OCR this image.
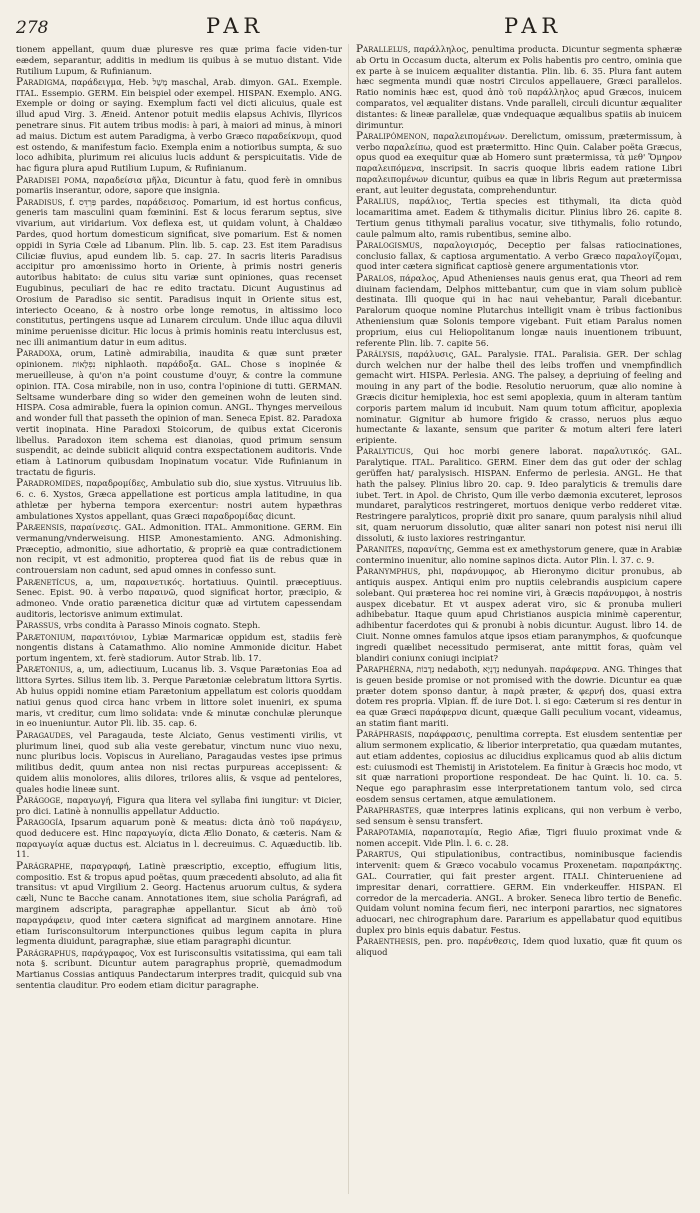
278	PAR	PAR

tionem appellant, quum duæ pluresve res quæ prima facie viden-tur eædem, separantur, additis in medium iis quibus à se mutuo distant. Vide Rutilium Lupum, & Rufinianum.

Paradigma, παράδειγμα, Heb. מָשָׁל maschal, Arab. dimyon. GAL. Exemple. ITAL. Essempio. GERM. Ein beispiel oder exempel. HISPAN. Exemplo. ANG. Exemple or doing or saying. Exemplum facti vel dicti alicuius, quale est illud apud Virg. 3. Æneid. Antenor potuit mediis elapsus Achivis, Illyricos penetrare sinus. Fit autem tribus modis: à pari, à maiori ad minus, à minori ad maius. Dictum est autem Paradigma, à verbo Græco παραδείκνυμι, quod est ostendo, & manifestum facio. Exempla enim a notioribus sumpta, & suo loco adhibita, plurimum rei alicuius lucis addunt & perspicuitatis. Vide de hac figura plura apud Rutilium Lupum, & Rufinianum.

Paradisei poma, παραδείσια μῆλα, Dicuntur à fatu, quod ferè in omnibus pomariis inserantur, odore, sapore que insignia.

Paradisus, f. פַּרְדֵּס pardes, παράδεισος. Pomarium, id est hortus conficus, generis tam masculini quam fœminini. Est & locus ferarum septus, sive vivarium, aut viridarium. Vox deflexa est, ut quidam volunt, à Chaldæo Pardes, quod hortum domesticum significat, sive pomarium. Est & nomen oppidi in Syria Cœle ad Libanum. Plin. lib. 5. cap. 23. Est item Paradisus Ciliciæ fluvius, apud eundem lib. 5. cap. 27. In sacris literis Paradisus accipitur pro amœnissimo horto in Oriente, à primis nostri generis autoribus habitato: de cuius situ variæ sunt opiniones, quas recenset Eugubinus, peculiari de hac re edito tractatu. Dicunt Augustinus ad Orosium de Paradiso sic sentit. Paradisus inquit in Oriente situs est, interiecto Oceano, & à nostro orbe longe remotus, in altissimo loco constitutus, pertingens usque ad Lunarem circulum. Unde illuc aqua diluvii minime peruenisse dicitur. Hic locus à primis hominis reatu interclusus est, nec illi animantium datur in eum aditus.

Paradoxa, orum, Latinè admirabilia, inaudita & quæ sunt præter opinionem. נִפְלָאוֹת niphlaoth. παράδοξα. GAL. Chose s inopinée & merueilleuse, à qu'on n'a point coustume d'ouyr, & contre la commune opinion. ITA. Cosa mirabile, non in uso, contra l'opinione di tutti. GERMAN. Seltsame wunderbare ding so wider den gemeinen wohn de leuten sind. HISPA. Cosa admirable, fuera la opinion comun. ANGL. Thynges merveilous and wonder full that passeth the opinion of man. Seneca Epist. 82. Paradoxa vertit inopinata. Hine Paradoxi Stoicorum, de quibus extat Ciceronis libellus. Paradoxon item schema est dianoias, quod primum sensum suspendit, ac deinde subiicit aliquid contra exspectationem auditoris. Vnde etiam à Latinorum quibusdam Inopinatum vocatur. Vide Rufinianum in tractatu de figuris.

Paradromides, παραδρομίδες, Ambulatio sub dio, siue xystus. Vitruuius lib. 6. c. 6. Xystos, Græca appellatione est porticus ampla latitudine, in qua athletæ per hyberna tempora exercentur: nostri autem hypæthras ambulationes Xystos appellant, quas Græci παραδρομίδας dicunt.

Paræensis, παραίνεσις. GAL. Admonition. ITAL. Ammonitione. GERM. Ein vermanung/vnderweisung. HISP. Amonestamiento. ANG. Admonishing. Præceptio, admonitio, siue adhortatio, & propriè ea quæ contradictionem non recipit, vt est admonitio, propterea quod fiat iis de rebus quæ in controuersiam non cadunt, sed apud omnes in confesso sunt.

Parænetícus, a, um, παραινετικός. hortatiuus. Quintil. præceptiuus. Senec. Epist. 90. à verbo παραινῶ, quod significat hortor, præcipio, & admoneo. Vnde oratio parænetica dicitur quæ ad virtutem capessendam auditoris, lectorisve animum extimulat.

Parassus, vrbs condita à Parasso Minois cognato. Steph.

Parætonium, παραιτόνιον, Lybiæ Marmaricæ oppidum est, stadiis ferè nongentis distans à Catamathmo. Alio nomine Ammonide dicitur. Habet portum ingentem, xt. ferè stadiorum. Autor Strab. lib. 17.

Parætonius, a, um, adiectiuum, Lucanus lib. 3. Vsque Parætonias Eoa ad littora Syrtes. Silius item lib. 3. Perque Parætoniæ celebratum littora Syrtis. Ab huius oppidi nomine etiam Parætonium appellatum est coloris quoddam natiui genus quod circa hanc vrbem in littore solet inueniri, ex spuma maris, vt creditur, cum limo solidata: vnde & minutæ conchulæ plerunque in eo inueniuntur. Autor Pli. lib. 35. cap. 6.

Paragaudes, vel Paragauda, teste Alciato, Genus vestimenti virilis, vt plurimum linei, quod sub alia veste gerebatur, vinctum nunc viuo nexu, nunc pluribus locis. Vopiscus in Aureliano, Paragaudas vestes ipse primus militibus dedit, quum antea non nisi rectas purpureas accepissent: & quidem aliis monolores, aliis dilores, trilores aliis, & vsque ad pentelores, quales hodie lineæ sunt.

Parágoge, παραγωγή, Figura qua litera vel syllaba fini iungitur: vt Dicier, pro dici. Latinè à nonnullis appellatur Adductio.

Paragogía, Ipsarum aquarum ponè & meatus: dicta ἀπὸ τοῦ παράγειν, quod deducere est. Hinc παραγωγία, dicta Ælio Donato, & cæteris. Nam & παραγωγία aquæ ductus est. Alciatus in l. decreuimus. C. Aquæductib. lib. 11.

Parágraphe, παραγραφή, Latinè præscriptio, exceptio, effugium litis, compositio. Est & tropus apud poëtas, quum præcedenti absoluto, ad alia fit transitus: vt apud Virgilium 2. Georg. Hactenus aruorum cultus, & sydera cæli, Nunc te Bacche canam. Annotationes item, siue scholia Parágrafi, ad marginem adscripta, paragraphæ appellantur. Sicut ab ἀπὸ τοῦ παραγράφειν, quod inter cætera significat ad marginem annotare. Hine etiam Iurisconsultorum interpunctiones quibus legum capita in plura legmenta diuidunt, paragraphæ, siue etiam paragraphi dicuntur.

Parágraphus, παράγραφος, Vox est Iurisconsultis vsitatissima, qui eam tali nota §. scribunt. Dicuntur autem paragraphus propriè, quemadmodum Martianus Cossias antiquus Pandectarum interpres tradit, quicquid sub vna sententia clauditur. Pro eodem etiam dicitur paragraphe.

Parallelus, παράλληλος, penultima producta. Dicuntur segmenta sphæræ ab Ortu in Occasum ducta, alterum ex Polis habentis pro centro, ominia que ex parte à se inuicem æqualiter distantia. Plin. lib. 6. 35. Plura fant autem hæc segmenta mundi quæ nostri Circulos appellauere, Græci parallelos. Ratio nominis hæc est, quod ἀπὸ τοῦ παράλληλος apud Græcos, inuicem comparatos, vel æqualiter distans. Vnde paralleli, circuli dicuntur æqualiter distantes: & lineæ parallelæ, quæ vndequaque æqualibus spatiis ab inuicem dirimuntur.

Paralipómenon, παραλειπομένων. Derelictum, omissum, prætermissum, à verbo παραλείπω, quod est prætermitto. Hinc Quin. Calaber poëta Græcus, opus quod ea exequitur quæ ab Homero sunt prætermissa, τὰ μεθ' Ὅμηρον παραλειπόμενα, inscripsit. In sacris quoque libris eadem ratione Libri παραλειπομένων dicuntur, quibus ea quæ in libris Regum aut prætermissa erant, aut leuiter degustata, comprehenduntur.

Paralius, παράλιος, Tertia species est tithymali, ita dicta quòd locamaritima amet. Eadem & tithymalis dicitur. Plinius libro 26. capite 8. Tertium genus tithymali paralius vocatur, sive tithymalis, folio rotundo, caule palmum alto, ramis rubentibus, semine albo.

Paralogismus, παραλογισμός, Deceptio per falsas ratiocinationes, conclusio fallax, & captiosa argumentatio. A verbo Græco παραλογίζομαι, quod inter cætera significat captiosè genere argumentationis vtor.

Paralos, πάραλος, Apud Athenienses nauis genus erat, qua Theori ad rem diuinam faciendam, Delphos mittebantur, cum que in viam solum publicè destinata. Illi quoque qui in hac naui vehebantur, Parali dicebantur. Paralorum quoque nomine Plutarchus intelligit vnam è tribus factionibus Atheniensium quæ Solonis tempore vigebant. Fuit etiam Paralus nomen proprium, eius cui Heliopolitanum longæ nauis inuentionem tribuunt, referente Plin. lib. 7. capite 56.

Parálysis, παράλυσις, GAL. Paralysie. ITAL. Paralisia. GER. Der schlag durch welchen nur der halbe theil des leibs troffen und vnempfindlich gemacht wirt. HISPA. Perlesia. ANG. The palsey, a depriuing of feeling and mouing in any part of the bodie. Resolutio neruorum, quæ alio nomine à Græcis dicitur hemiplexia, hoc est semi apoplexia, quum in alteram tantùm corporis partem malum id incubuit. Nam quum totum afficitur, apoplexia nominatur. Gignitur ab humore frigido & crasso, neruos plus æquo humectante & laxante, sensum que pariter & motum alteri fere lateri eripiente.

Paralyticus, Qui hoc morbi genere laborat. παραλυτικός. GAL. Paralytique. ITAL. Paralitico. GERM. Einer dem das gut oder der schlag gerüffen hat/ paralysisch. HISPAN. Enfermo de perlesia. ANGL. He that hath the palsey. Plinius libro 20. cap. 9. Ideo paralyticis & tremulis dare iubet. Tert. in Apol. de Christo, Qum ille verbo dæmonia excuteret, leprosos mundaret, paralyticos restringeret, mortuos denique verbo redderet vitæ. Restringere paralyticos, propriè dixit pro sanare, quum paralysis nihil aliud sit, quam neruorum dissolutio, quæ aliter sanari non potest nisi nerui illi dissoluti, & iusto laxiores restringantur.

Paranites, παρανίτης, Gemma est ex amethystorum genere, quæ in Arabiæ contermino inuenitur, alio nomine sapinos dicta. Autor Plin. l. 37. c. 9.

Paranymphus, phi, παράνυμφος, ab Hieronymo dicitur pronubus, ab antiquis auspex. Antiqui enim pro nuptiis celebrandis auspicium capere solebant. Qui præterea hoc rei nomine viri, à Græcis παράνυμφοι, à nostris auspex dicebatur. Et vt auspex aderat viro, sic & pronuba mulieri adhibebatur. Itaque quum apud Christianos auspicia minimè caperentur, adhibentur facerdotes qui & pronubi à nobis dicuntur. August. libro 14. de Ciuit. Nonne omnes famulos atque ipsos etiam paranymphos, & quofcunque ingredi quælibet necessitudo permiserat, ante mittit foras, quàm vel blandiri coniunx coniugi incipiat?

Paraphérna, נְדָבוֹת nedaboth, נְדֻנְיָא nedunyah. παράφερνα. ANG. Thinges that is geuen beside promise or not promised with the dowrie. Dicuntur ea quæ præter dotem sponso dantur, à παρὰ præter, & φερνή dos, quasi extra dotem res propria. Vlpian. ff. de iure Dot. l. si ego: Cæterum si res dentur in ea quæ Græci παράφερνα dicunt, quæque Galli peculium vocant, videamus, an statim fiant mariti.

Paráphrasis, παράφρασις, penultima correpta. Est eiusdem sententiæ per alium sermonem explicatio, & liberior interpretatio, qua quædam mutantes, aut etiam addentes, copiosius ac dilucidius explicamus quod ab aliis dictum est: cuiusmodi est Themistij in Aristotelem. Ea finitur à Græcis hoc modo, vt sit quæ narrationi proportione respondeat. De hac Quint. li. 10. ca. 5. Neque ego paraphrasim esse interpretationem tantum volo, sed circa eosdem sensus certamen, atque æmulationem.

Paraphrastes, quæ interpres latinis explicans, qui non verbum è verbo, sed sensum è sensu transfert.

Parapotamia, παραποταμία, Regio Afiæ, Tigri fluuio proximat vnde & nomen accepit. Vide Plin. l. 6. c. 28.

Parartus, Qui stipulationibus, contractibus, nominibusque faciendis intervenit: quem & Græco vocabulo vocamus Proxenetam. παραπράκτης. GAL. Courratier, qui fait prester argent. ITALI. Chinterueniene ad impresitar denari, corrattiere. GERM. Ein vnderkeuffer. HISPAN. El corredor de la mercaderia. ANGL. A broker. Seneca libro tertio de Benefic. Quidam volunt nomina fecum fieri, nec interponi parartios, nec signatores aduocari, nec chirographum dare. Pararium es appellabatur quod equitibus duplex pro binis equis dabatur. Festus.

Paraenthesis, pen. pro. παρένθεσις, Idem quod luxatio, quæ fit quum os aliquod
